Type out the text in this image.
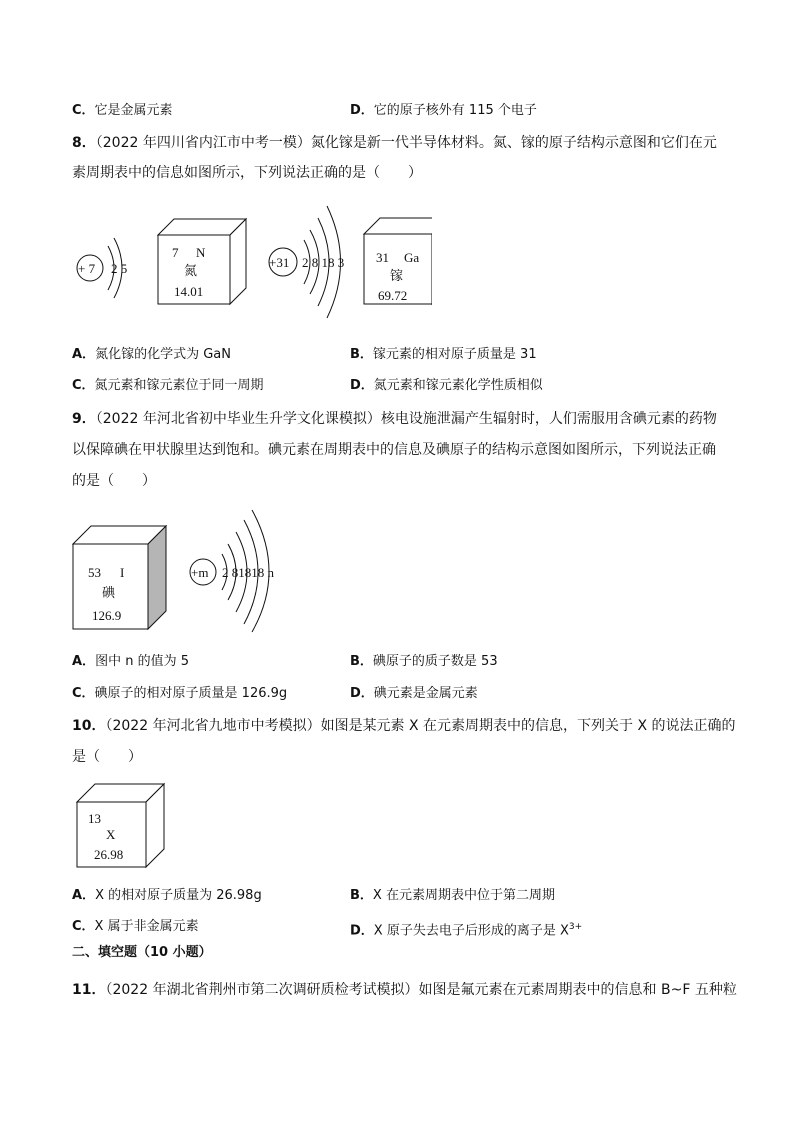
C．它是金属元素	D．它的原子核外有 115 个电子
8．（2022 年四川省内江市中考一模）氮化镓是新一代半导体材料。氮、镓的原子结构示意图和它们在元
素周期表中的信息如图所示，下列说法正确的是（　　）
+ 7 2 5
7 N
氮
14.01
+31 2 8 18 3 31 Ga
镓
69.72
A．氮化镓的化学式为 GaN	B．镓元素的相对原子质量是 31
C．氮元素和镓元素位于同一周期	D．氮元素和镓元素化学性质相似
9．（2022 年河北省初中毕业生升学文化课模拟）核电设施泄漏产生辐射时，人们需服用含碘元素的药物
以保障碘在甲状腺里达到饱和。碘元素在周期表中的信息及碘原子的结构示意图如图所示，下列说法正确
的是（　　）
53 I
碘
126.9
+m 2 81818 n
A．图中 n 的值为 5	B．碘原子的质子数是 53
C．碘原子的相对原子质量是 126.9g	D．碘元素是金属元素
10．（2022 年河北省九地市中考模拟）如图是某元素 X 在元素周期表中的信息，下列关于 X 的说法正确的
是（　　）
13
X
26.98
A．X 的相对原子质量为 26.98g	B．X 在元素周期表中位于第二周期
C．X 属于非金属元素	D．X 原子失去电子后形成的离子是 $X^{3+}$
二、填空题（10 小题）
11．（2022 年湖北省荆州市第二次调研质检考试模拟）如图是氟元素在元素周期表中的信息和 B~F 五种粒
